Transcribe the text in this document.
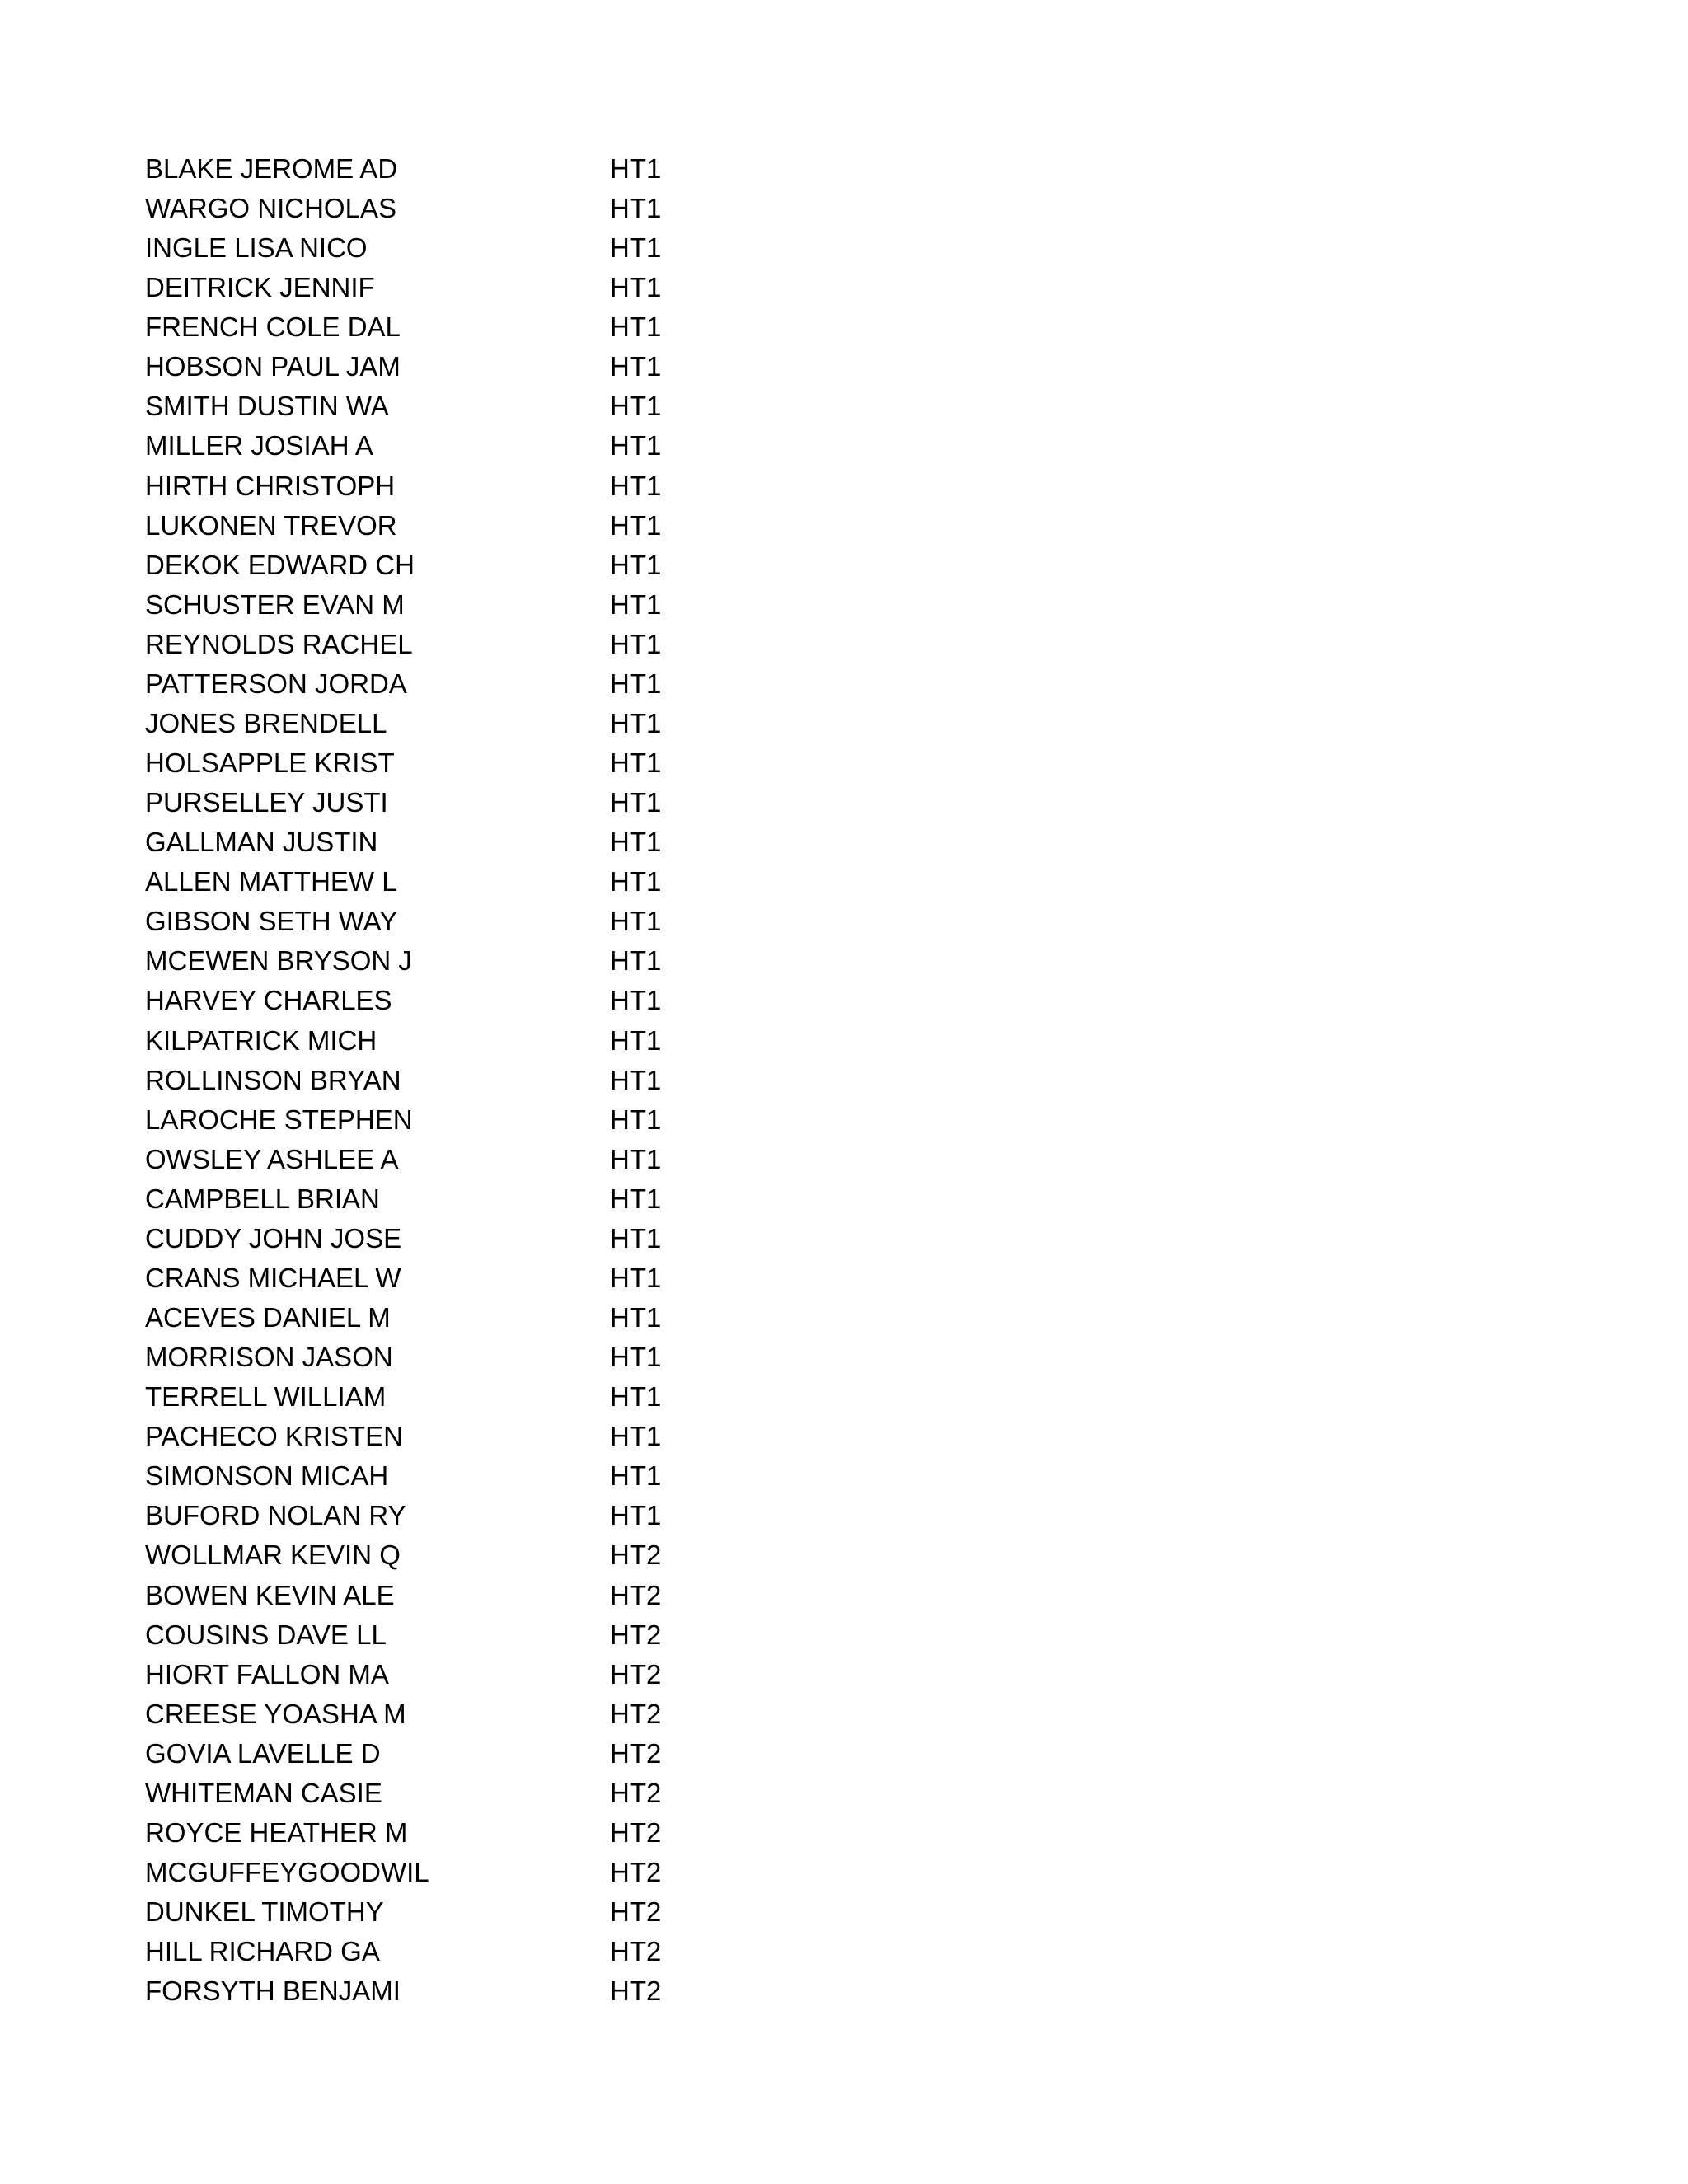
BLAKE JEROME AD	HT1
WARGO NICHOLAS	HT1
INGLE LISA NICO	HT1
DEITRICK JENNIF	HT1
FRENCH COLE DAL	HT1
HOBSON PAUL JAM	HT1
SMITH DUSTIN WA	HT1
MILLER JOSIAH A	HT1
HIRTH CHRISTOPH	HT1
LUKONEN TREVOR	HT1
DEKOK EDWARD CH	HT1
SCHUSTER EVAN M	HT1
REYNOLDS RACHEL	HT1
PATTERSON JORDA	HT1
JONES BRENDELL	HT1
HOLSAPPLE KRIST	HT1
PURSELLEY JUSTI	HT1
GALLMAN JUSTIN	HT1
ALLEN MATTHEW L	HT1
GIBSON SETH WAY	HT1
MCEWEN BRYSON J	HT1
HARVEY CHARLES	HT1
KILPATRICK MICH	HT1
ROLLINSON BRYAN	HT1
LAROCHE STEPHEN	HT1
OWSLEY ASHLEE A	HT1
CAMPBELL BRIAN	HT1
CUDDY JOHN JOSE	HT1
CRANS MICHAEL W	HT1
ACEVES DANIEL M	HT1
MORRISON JASON	HT1
TERRELL WILLIAM	HT1
PACHECO KRISTEN	HT1
SIMONSON MICAH	HT1
BUFORD NOLAN RY	HT1
WOLLMAR KEVIN Q	HT2
BOWEN KEVIN ALE	HT2
COUSINS DAVE LL	HT2
HIORT FALLON MA	HT2
CREESE YOASHA M	HT2
GOVIA LAVELLE D	HT2
WHITEMAN CASIE	HT2
ROYCE HEATHER M	HT2
MCGUFFEYGOODWIL	HT2
DUNKEL TIMOTHY	HT2
HILL RICHARD GA	HT2
FORSYTH BENJAMI	HT2
